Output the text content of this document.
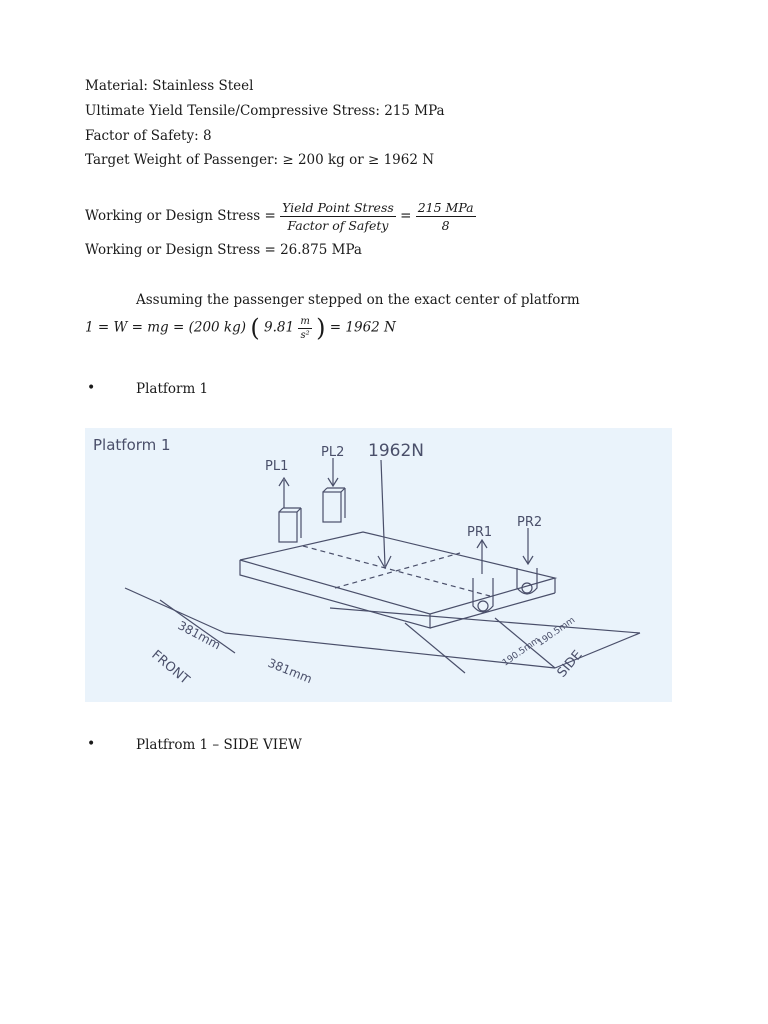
Material: Stainless Steel
Ultimate Yield Tensile/Compressive Stress: 215 MPa
Factor of Safety: 8
Target Weight of Passenger: ≥ 200 kg or ≥ 1962 N
Working or Design Stress = $\frac{\text{Yield Point Stress}}{\text{Factor of Safety}} = \frac{\text{215 MPa}}{8}$
Working or Design Stress = 26.875 MPa
Assuming the passenger stepped on the exact center of platform
1 = W = mg = (200 kg) ( $9.81 \frac{m}{\text{s²}}$ ) = 1962 N
•	Platform 1
Platform 1	1962N
PL1
PL2
PR1
PR2
381mm
381mm
FRONT	190.5mm
190.5mm
SIDE
•	Platfrom 1 – SIDE VIEW
